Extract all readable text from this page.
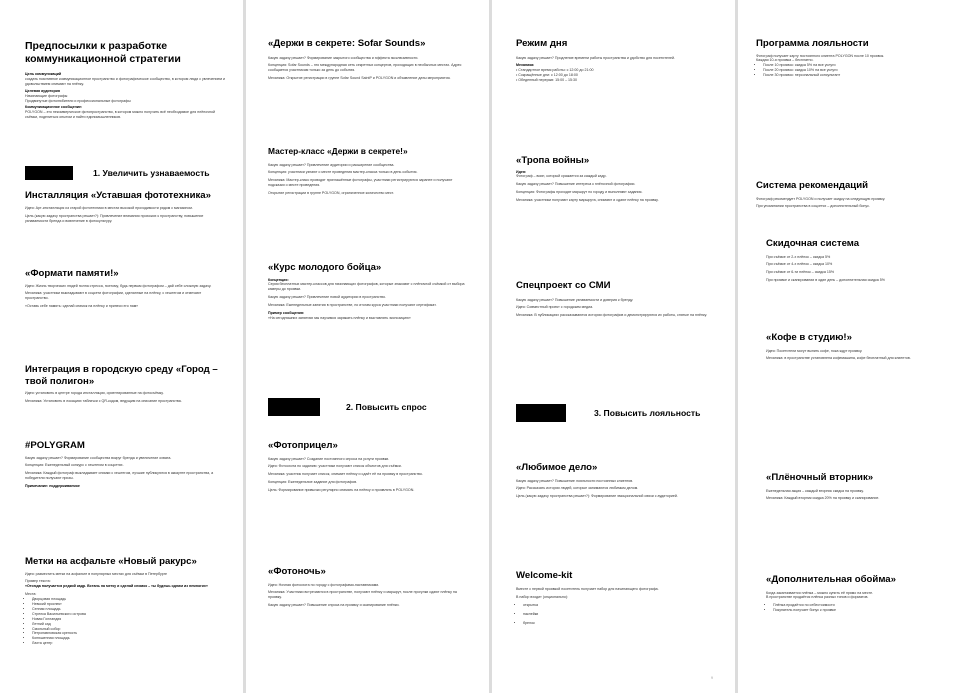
Предпосылки к разработке коммуникационной стратегии

Цель коммуникаций

создать позитивное коммуникационное пространство и фотографическое сообщество, в котором люди с увлечением и удовольствием снимают на плёнку.

Целевая аудитория

Начинающие фотографы

Продвинутые фотолюбители и профессиональные фотографы

Коммуникационное сообщение:

POLYGON – это некоммерческое фотопространство, в котором можно получить всё необходимое для плёночной съёмки, поделиться опытом и найти единомышленников.

1. Увеличить узнаваемость
Инсталляция «Уставшая фототехника»

Идея: Арт-инсталляция из старой фототехники в местах высокой проходимости рядом с магазином.

Цель (какую задачу пространства решает?): Привлечение внимания прохожих к пространству, повышение узнаваемости бренда и вовлечение в фотокультуру.

«Формати памяти!»

Идея: Жизнь творческих людей полна стресса, поэтому, будь первым фотографом – дай себе сложную задачу.

Механика: участники выкладывают в соцсети фотографии, сделанные на плёнку, с хештегом и отмечают пространство.

«Оставь себе память: сделай снимок на плёнку и принеси его нам»

Интеграция в городскую среду «Город – твой полигон»

Идея: установить в центре города инсталляции, ориентированные на фотосъёмку.

Механика: Установить в локациях таблички с QR-кодом, ведущим на описание пространства.

#POLYGRAM

Какую задачу решает? Формирование сообщества вокруг бренда и увеличение охвата.

Концепция: Еженедельный конкурс с хештегом в соцсетях.

Механика: Каждый фотограф выкладывает снимки с хештегом, лучшие публикуются в аккаунте пространства, а победители получают призы.

Примечание: поддерживаемое

Метки на асфальте «Новый ракурс»

Идея: разместить метки на асфальте в популярных местах для съёмки в Петербурге

Пример текста:

«Отсюда получается редкий кадр. Встань на метку и сделай снимок – ты будешь одним из немногих»

Места:

• Дворцовая площадь
• Невский проспект
• Сенная площадь
• Стрелка Васильевского острова
• Новая Голландия
• Летний сад
• Смольный собор
• Петропавловская крепость
• Конюшенная площадь
• Лахта центр
«Держи в секрете: Sofar Sounds»

Какую задачу решает? Формирование закрытого сообщества и эффекта эксклюзивности.

Концепция: Sofar Sounds – это международная сеть секретных концертов, проходящих в необычных местах. Адрес сообщается участникам только за день до события.

Механика: Открытие регистрации в группе Sofar Sound SaintP и POLYGON и объявление даты мероприятия.

Мастер-класс «Держи в секрете!»

Какую задачу решает? Привлечение аудитории и расширение сообщества.

Концепция: участники узнают о месте проведения мастер-класса только в день события.

Механика: Мастер-класс проводят приглашённые фотографы, участники регистрируются заранее и получают подсказки о месте проведения.

Открытие регистрации в группе POLYGON, ограниченное количество мест.

«Курс молодого бойца»

Концепция:

Серия бесплатных мастер-классов для начинающих фотографов, которые знакомят с плёночной съёмкой от выбора камеры до проявки.

Какую задачу решает? Привлечение новой аудитории в пространство.

Механика: Еженедельные занятия в пространстве, по итогам курса участники получают сертификат.

Пример сообщения:

«На сегодняшних занятиях мы научимся заряжать плёнку и выставлять экспозицию»

2. Повысить спрос
«Фотоприцел»

Какую задачу решает? Создание постоянного спроса на услуги проявки.

Идея: Фотоохота по заданию: участники получают список объектов для съёмки.

Механика: участник получает список, снимает плёнку и сдаёт её на проявку в пространство.

Концепция: Еженедельное задание для фотографов.

Цель: Формирование привычки регулярно снимать на плёнку и проявлять в POLYGON.

«Фотоночь»

Идея: Ночная фотоохота по городу с фотографами-наставниками.

Механика: Участники встречаются в пространстве, получают плёнку и маршрут, после прогулки сдают плёнку на проявку.

Какую задачу решает? Повышение спроса на проявку и сканирование плёнки.

Режим дня

Какую задачу решает? Продление времени работы пространства и удобство для посетителей.

Механика:

• Стандартное время работы: с 12:00 до 21:00

• Сокращённые дни: с 12:00 до 18:00

• Обеденный перерыв: 15:00 – 15:30

«Тропа войны»

Идея:

Фотограф – воин, который сражается за каждый кадр.

Какую задачу решает? Повышение интереса к плёночной фотографии.

Концепция: Фотографы проходят маршрут по городу и выполняют задания.

Механика: участники получают карту маршрута, снимают и сдают плёнку на проявку.

Спецпроект со СМИ

Какую задачу решает? Повышение узнаваемости и доверия к бренду.

Идея: Совместный проект с городским медиа.

Механика: В публикациях рассказываются истории фотографов и демонстрируются их работы, снятые на плёнку.

3. Повысить лояльность
«Любимое дело»

Какую задачу решает? Повышение лояльности постоянных клиентов.

Идея: Рассказать истории людей, которые занимаются любимым делом.

Цель (какую задачу пространства решает?): Формирование эмоциональной связи с аудиторией.

Welcome-kit

Вместе с первой проявкой посетитель получает набор для начинающего фотографа.

В набор входит (опционально):

• открытка
• наклейки
• брелок
9
Программа лояльности

Фотограф получает карту постоянного клиента POLYGON после 10 проявок.

Каждая 10-я проявка – бесплатно.

• После 10 проявок: скидка 5% на все услуги
• После 20 проявок: скидка 10% на все услуги
• После 30 проявок: персональный консультант
Система рекомендаций

Фотограф рекомендует POLYGON и получает скидку на следующую проявку.

При упоминании пространства в соцсетях – дополнительный бонус.

Скидочная система

При съёмке от 2-х плёнок – скидка 5%

При съёмке от 4-х плёнок – скидка 10%

При съёмке от 6-ти плёнок – скидка 15%

При проявке и сканировании в один день – дополнительная скидка 5%

«Кофе в студию!»

Идея: Посетители могут выпить кофе, пока ждут проявку.

Механика: в пространстве установлена кофемашина, кофе бесплатный для клиентов.

«Плёночный вторник»

Еженедельная акция – каждый вторник скидка на проявку.

Механика: Каждый вторник скидка 20% на проявку и сканирование.

«Дополнительная обойма»

Когда заканчивается плёнка – можно купить её прямо на месте.

В пространстве продаётся плёнка разных типов и форматов.

• Плёнка продаётся по себестоимости
• Покупатель получает бонус к проявке
